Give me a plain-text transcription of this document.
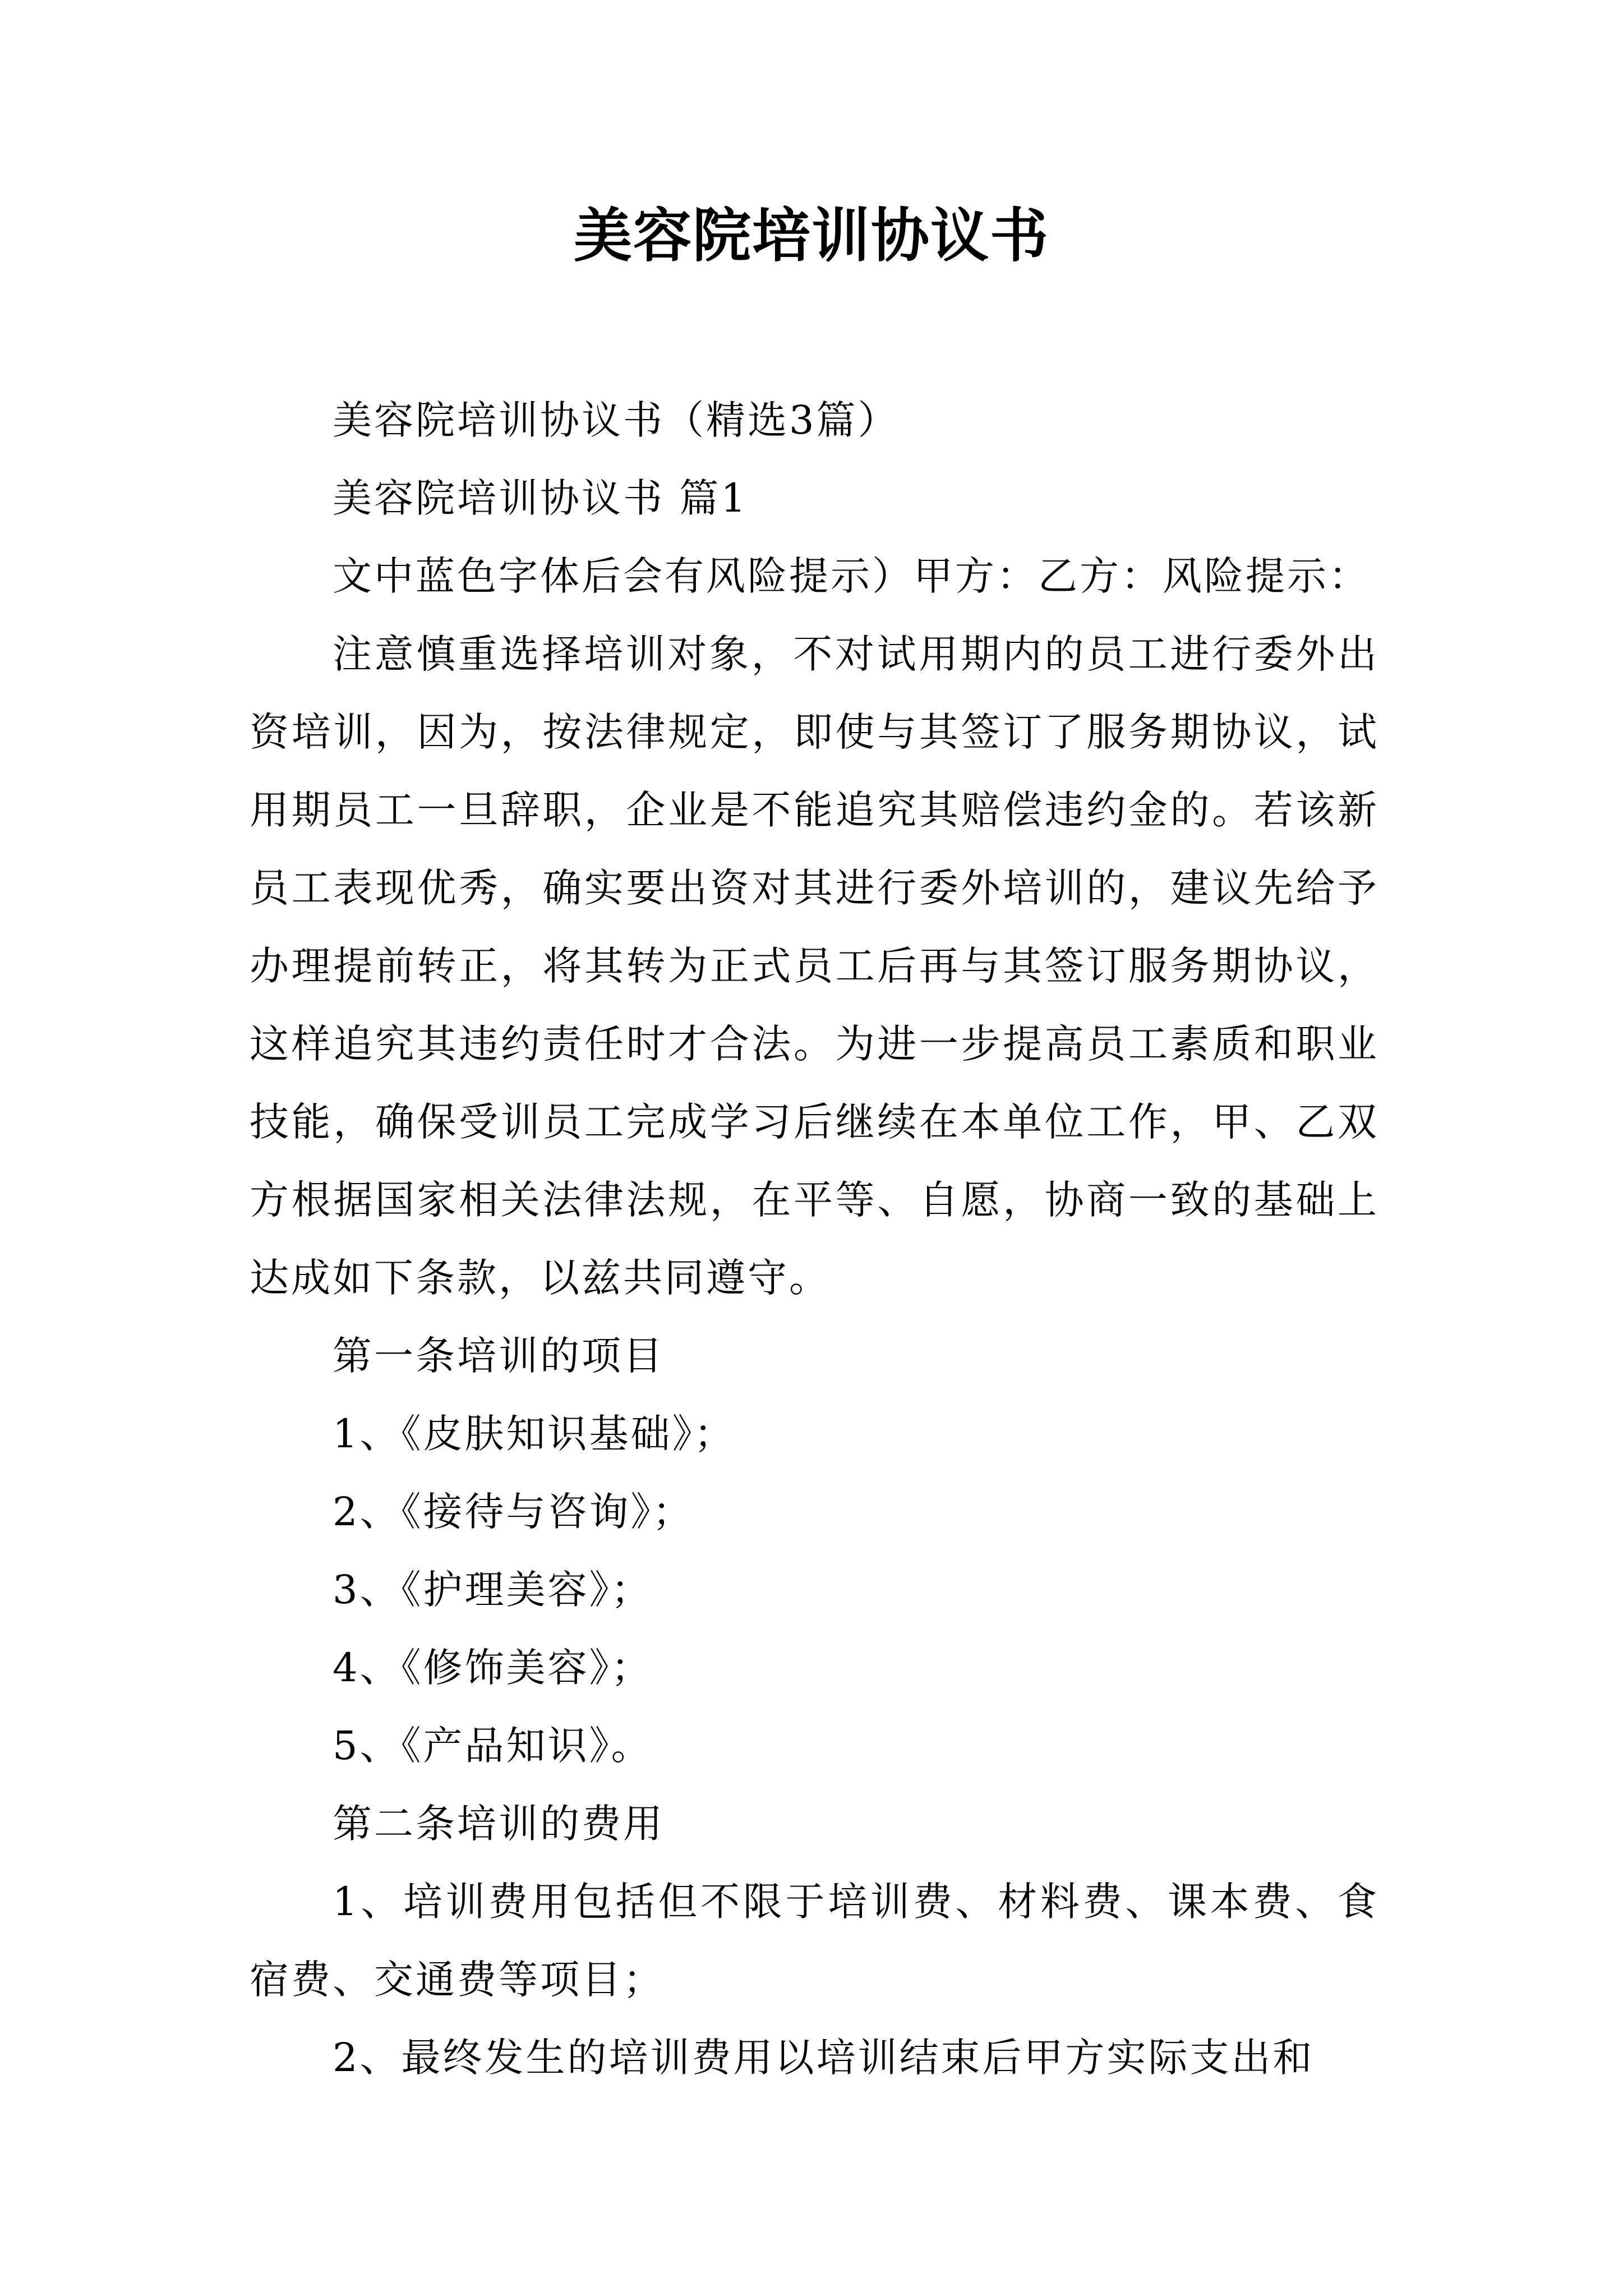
美容院培训协议书

美容院培训协议书（精选3篇）

美容院培训协议书 篇1

文中蓝色字体后会有风险提示）甲方：乙方：风险提示：

注意慎重选择培训对象，不对试用期内的员工进行委外出资培训，因为，按法律规定，即使与其签订了服务期协议，试用期员工一旦辞职，企业是不能追究其赔偿违约金的。若该新员工表现优秀，确实要出资对其进行委外培训的，建议先给予办理提前转正，将其转为正式员工后再与其签订服务期协议，这样追究其违约责任时才合法。为进一步提高员工素质和职业技能，确保受训员工完成学习后继续在本单位工作，甲、乙双方根据国家相关法律法规，在平等、自愿，协商一致的基础上达成如下条款，以兹共同遵守。

第一条培训的项目

1、《皮肤知识基础》；

2、《接待与咨询》；

3、《护理美容》；

4、《修饰美容》；

5、《产品知识》。

第二条培训的费用

1、培训费用包括但不限于培训费、材料费、课本费、食宿费、交通费等项目；

2、最终发生的培训费用以培训结束后甲方实际支出和
